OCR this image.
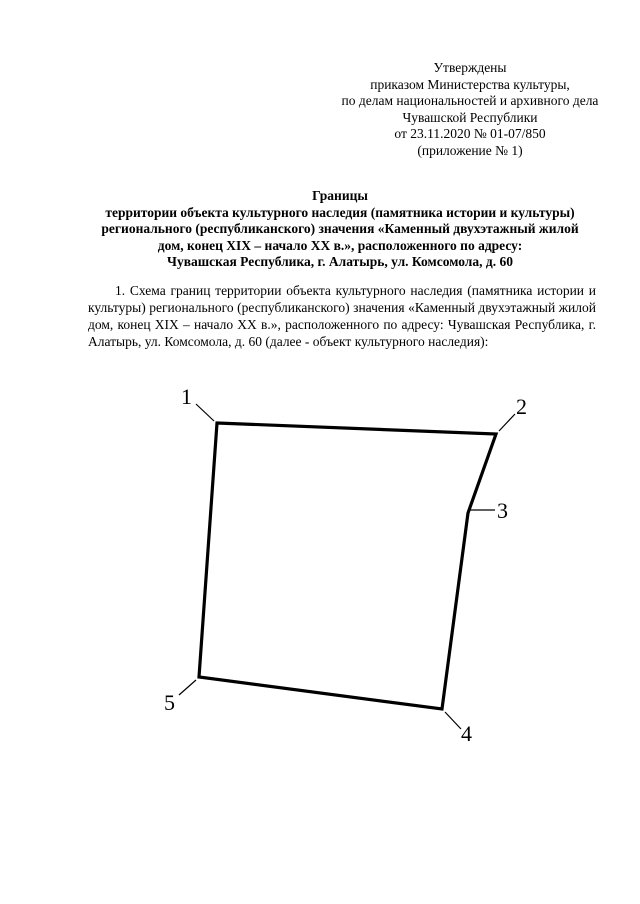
Утверждены
приказом Министерства культуры,
по делам национальностей и архивного дела
Чувашской Республики
от 23.11.2020 № 01-07/850
(приложение № 1)
Границы
территории объекта культурного наследия (памятника истории и культуры)
регионального (республиканского) значения «Каменный двухэтажный жилой
дом, конец XIX – начало XX в.», расположенного по адресу:
Чувашская Республика, г. Алатырь, ул. Комсомола, д. 60
1. Схема границ территории объекта культурного наследия (памятника истории и культуры) регионального (республиканского) значения «Каменный двухэтажный жилой дом, конец XIX – начало XX в.», расположенного по адресу: Чувашская Республика, г. Алатырь, ул. Комсомола, д. 60 (далее - объект культурного наследия):
1	2
3
4
5
